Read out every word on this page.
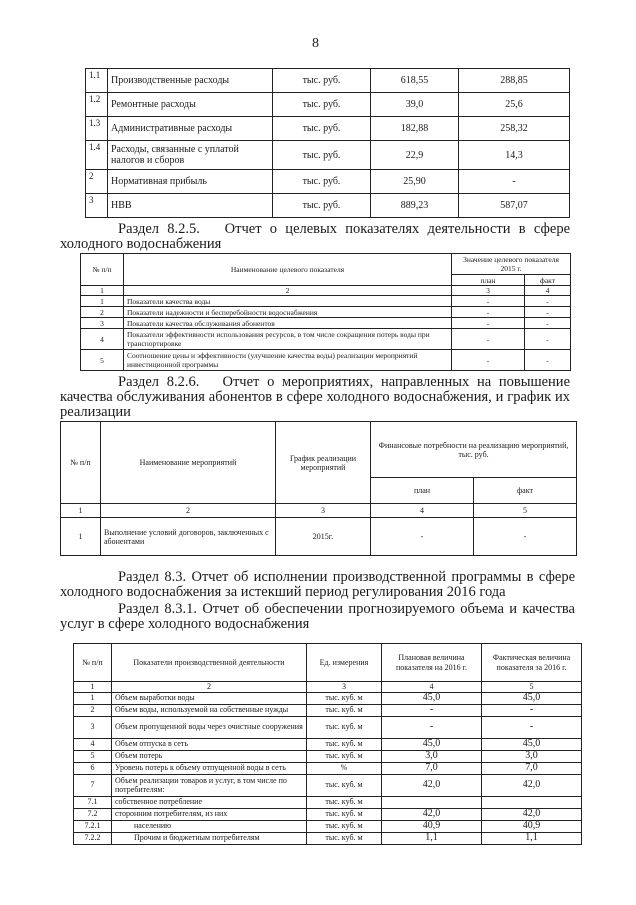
8
1.1	Производственные расходы	тыс. руб.	618,55	288,85
1.2	Ремонтные расходы	тыс. руб.	39,0	25,6
1.3	Административные расходы	тыс. руб.	182,88	258,32
1.4	Расходы, связанные с уплатой налогов и сборов	тыс. руб.	22,9	14,3
2	Нормативная прибыль	тыс. руб.	25,90	-
3	НВВ	тыс. руб.	889,23	587,07
Раздел 8.2.5. Отчет о целевых показателях деятельности в сфере холодного водоснабжения
№ п/п	Наименование целевого показателя	Значение целевого показателя 2015 г.	
		план	факт
1	2	3	4
1	Показатели качества воды	-	-
2	Показатели надежности и бесперебойности водоснабжения	-	-
3	Показатели качества обслуживания абонентов	-	-
4	Показатели эффективности использования ресурсов, в том числе сокращения потерь воды при транспортировке	-	-
5	Соотношение цены и эффективности (улучшение качества воды) реализации мероприятий инвестиционной программы	-	-
Раздел 8.2.6. Отчет о мероприятиях, направленных на повышение качества обслуживания абонентов в сфере холодного водоснабжения, и график их реализации
№ п/п	Наименование мероприятий	График реализации мероприятий	Финансовые потребности на реализацию мероприятий, тыс. руб.	
			план	факт
1	2	3	4	5
1	Выполнение условий договоров, заключенных с абонентами	2015г.	-	-
Раздел 8.3. Отчет об исполнении производственной программы в сфере холодного водоснабжения за истекший период регулирования 2016 года
Раздел 8.3.1. Отчет об обеспечении прогнозируемого объема и качества услуг в сфере холодного водоснабжения
№ п/п	Показатели производственной деятельности	Ед. измерения	Плановая величина показателя на 2016 г.	Фактическая величина показателя за 2016 г.
1	2	3	4	5
1	Объем выработки воды	тыс. куб. м	45,0	45,0
2	Объем воды, используемой на собственные нужды	тыс. куб. м	-	-
3	Объем пропущенной воды через очистные сооружения	тыс. куб. м	-	-
4	Объем отпуска в сеть	тыс. куб. м	45,0	45,0
5	Объем потерь	тыс. куб. м	3,0	3,0
6	Уровень потерь к объему отпущенной воды в сеть	%	7,0	7,0
7	Объем реализации товаров и услуг, в том числе по потребителям:	тыс. куб. м	42,0	42,0
7.1	собственное потребление	тыс. куб. м		
7.2	сторонним потребителям, из них	тыс. куб. м	42,0	42,0
7.2.1	населению	тыс. куб. м	40,9	40,9
7.2.2	Прочим и бюджетным потребителям	тыс. куб. м	1,1	1,1
